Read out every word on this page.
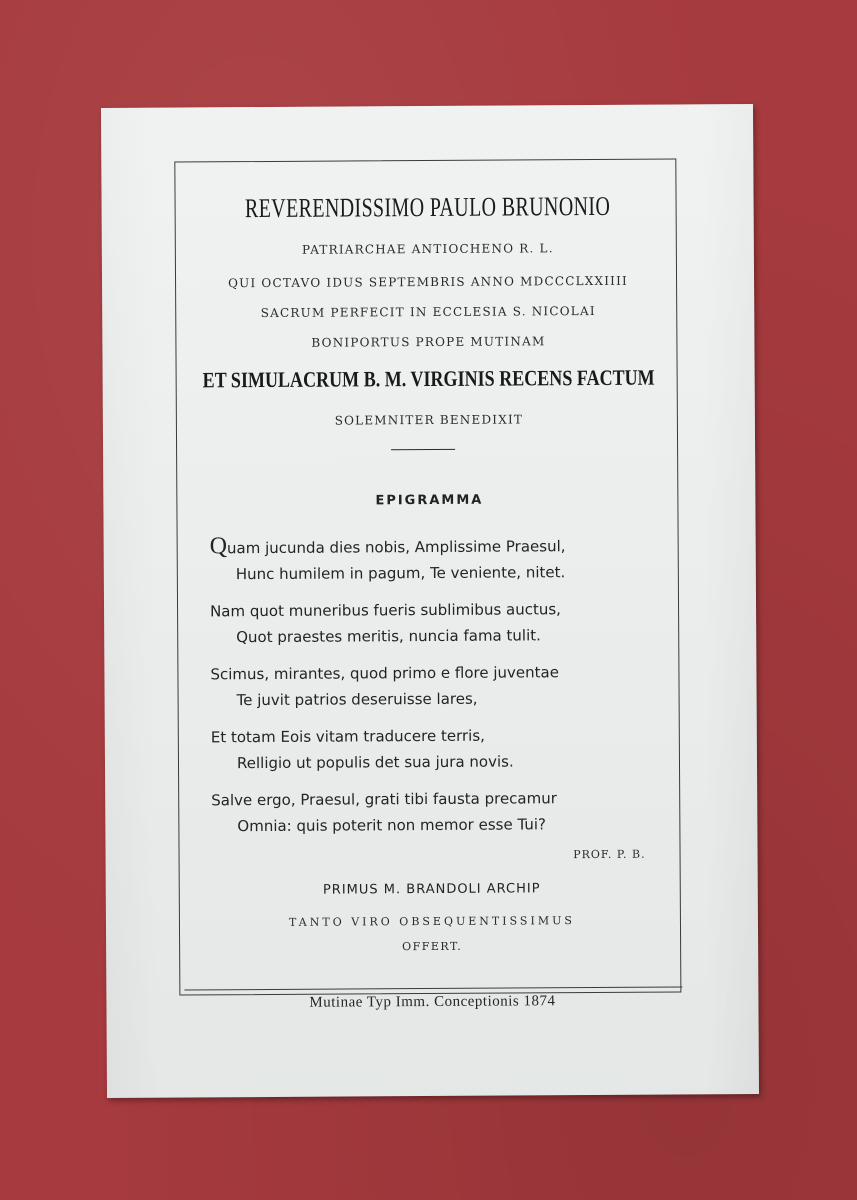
REVERENDISSIMO PAULO BRUNONIO
PATRIARCHAE ANTIOCHENO R. L.
QUI OCTAVO IDUS SEPTEMBRIS ANNO MDCCCLXXIIII
SACRUM PERFECIT IN ECCLESIA S. NICOLAI
BONIPORTUS PROPE MUTINAM
ET SIMULACRUM B. M. VIRGINIS RECENS FACTUM
SOLEMNITER BENEDIXIT
EPIGRAMMA
Quam jucunda dies nobis, Amplissime Praesul,
Hunc humilem in pagum, Te veniente, nitet.
Nam quot muneribus fueris sublimibus auctus,
Quot praestes meritis, nuncia fama tulit.
Scimus, mirantes, quod primo e flore juventae
Te juvit patrios deseruisse lares,
Et totam Eois vitam traducere terris,
Relligio ut populis det sua jura novis.
Salve ergo, Praesul, grati tibi fausta precamur
Omnia: quis poterit non memor esse Tui?
PROF. P. B.
PRIMUS M. BRANDOLI ARCHIP
TANTO VIRO OBSEQUENTISSIMUS
OFFERT.
Mutinae Typ Imm. Conceptionis 1874
